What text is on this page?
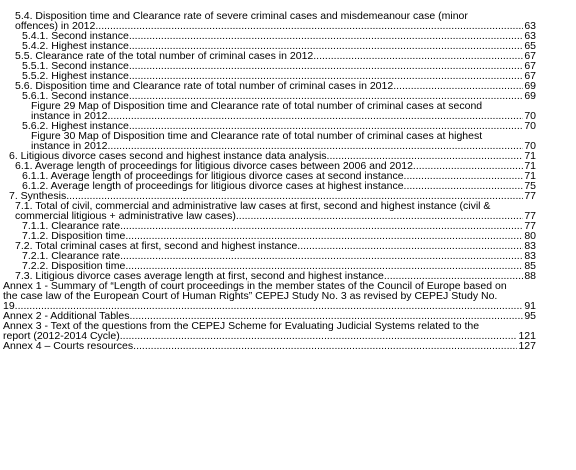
5.4. Disposition time and Clearance rate of severe criminal cases and misdemeanour case (minor
offences) in 2012 .....	63
5.4.1. Second instance .....	63
5.4.2. Highest instance .....	65
5.5. Clearance rate of the total number of criminal cases in 2012 .....	67
5.5.1. Second instance .....	67
5.5.2. Highest instance .....	67
5.6. Disposition time and Clearance rate of total number of criminal cases in 2012 .....	69
5.6.1. Second instance .....	69
Figure 29 Map of Disposition time and Clearance rate of total number of criminal cases at second
instance in 2012 .....	70
5.6.2. Highest instance .....	70
Figure 30 Map of Disposition time and Clearance rate of total number of criminal cases at highest
instance in 2012 .....	70
6. Litigious divorce cases second and highest instance data analysis .....	71
6.1. Average length of proceedings for litigious divorce cases between 2006 and 2012 .....	71
6.1.1. Average length of proceedings for litigious divorce cases at second instance .....	71
6.1.2. Average length of proceedings for litigious divorce cases at highest instance .....	75
7. Synthesis .....	77
7.1. Total of civil, commercial and administrative law cases at first, second and highest instance (civil &
commercial litigious + administrative law cases) .....	77
7.1.1. Clearance rate .....	77
7.1.2. Disposition time .....	80
7.2. Total criminal cases at first, second and highest instance .....	83
7.2.1. Clearance rate .....	83
7.2.2. Disposition time .....	85
7.3. Litigious divorce cases average length at first, second and highest instance .....	88
Annex 1 - Summary of “Length of court proceedings in the member states of the Council of Europe based on
the case law of the European Court of Human Rights” CEPEJ Study No. 3 as revised by CEPEJ Study No.
19. .....	91
Annex 2 - Additional Tables .....	95
Annex 3 - Text of the questions from the CEPEJ Scheme for Evaluating Judicial Systems related to the
report (2012-2014 Cycle) .....	121
Annex 4 – Courts resources .....	127
